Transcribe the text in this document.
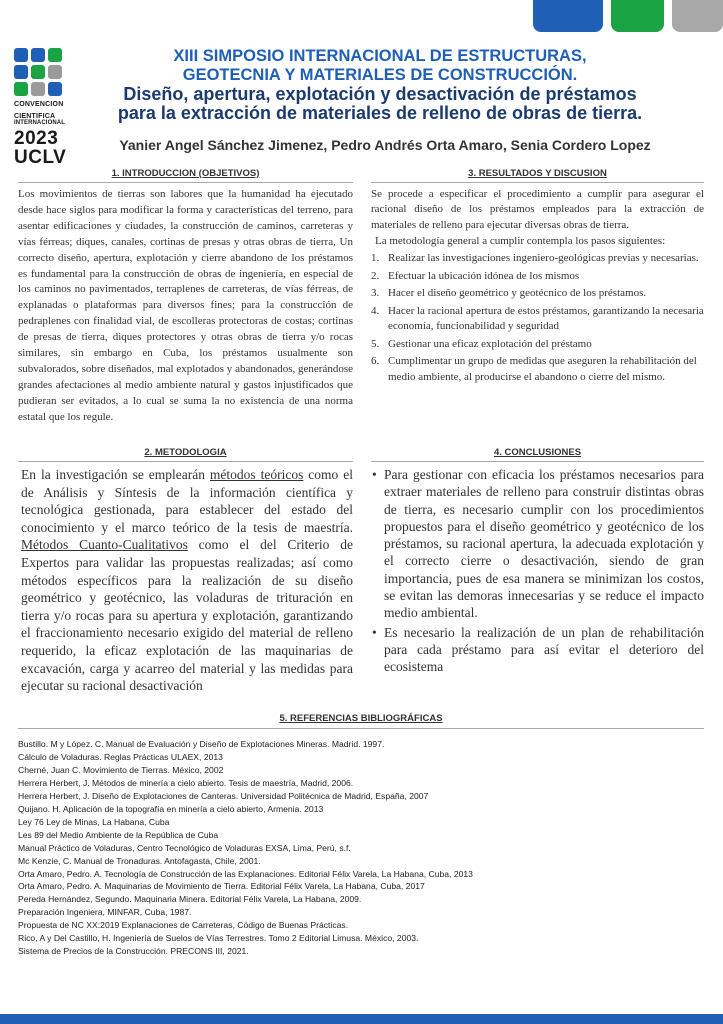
CONVENCION
CIENTIFICA
INTERNACIONAL
2023
UCLV
XIII SIMPOSIO INTERNACIONAL DE ESTRUCTURAS,
GEOTECNIA Y MATERIALES DE CONSTRUCCIÓN.
Diseño, apertura, explotación y desactivación de préstamos
para la extracción de materiales de relleno de obras de tierra.
Yanier Angel Sánchez Jimenez, Pedro Andrés Orta Amaro, Senia Cordero Lopez
1. INTRODUCCION (OBJETIVOS)
Los movimientos de tierras son labores que la humanidad ha ejecutado desde hace siglos para modificar la forma y características del terreno, para asentar edificaciones y ciudades, la construcción de caminos, carreteras y vías férreas; diques, canales, cortinas de presas y otras obras de tierra, Un correcto diseño, apertura, explotación y cierre abandono de los préstamos es fundamental para la construcción de obras de ingeniería, en especial de los caminos no pavimentados, terraplenes de carreteras, de vías férreas, de explanadas o plataformas para diversos fines; para la construcción de pedraplenes con finalidad vial, de escolleras protectoras de costas; cortinas de presas de tierra, diques protectores y otras obras de tierra y/o rocas similares, sin embargo en Cuba, los préstamos usualmente son subvalorados, sobre diseñados, mal explotados y abandonados, generándose grandes afectaciones al medio ambiente natural y gastos injustificados que pudieran ser evitados, a lo cual se suma la no existencia de una norma estatal que los regule.
3. RESULTADOS Y DISCUSION
Se procede a especificar el procedimiento a cumplir para asegurar el racional diseño de los préstamos empleados para la extracción de materiales de relleno para ejecutar diversas obras de tierra.
La metodología general a cumplir contempla los pasos siguientes:
1. Realizar las investigaciones ingeniero-geológicas previas y necesarias.
2. Efectuar la ubicación idónea de los mismos
3. Hacer el diseño geométrico y geotécnico de los préstamos.
4. Hacer la racional apertura de estos préstamos, garantizando la necesaria economía, funcionabilidad y seguridad
5. Gestionar una eficaz explotación del préstamo
6. Cumplimentar un grupo de medidas que aseguren la rehabilitación del medio ambiente, al producirse el abandono o cierre del mismo.
2. METODOLOGIA
En la investigación se emplearán métodos teóricos como el de Análisis y Síntesis de la información científica y tecnológica gestionada, para establecer del estado del conocimiento y el marco teórico de la tesis de maestría. Métodos Cuanto-Cualitativos como el del Criterio de Expertos para validar las propuestas realizadas; así como métodos específicos para la realización de su diseño geométrico y geotécnico, las voladuras de trituración en tierra y/o rocas para su apertura y explotación, garantizando el fraccionamiento necesario exigido del material de relleno requerido, la eficaz explotación de las maquinarias de excavación, carga y acarreo del material y las medidas para ejecutar su racional desactivación
4. CONCLUSIONES
• Para gestionar con eficacia los préstamos necesarios para extraer materiales de relleno para construir distintas obras de tierra, es necesario cumplir con los procedimientos propuestos para el diseño geométrico y geotécnico de los préstamos, su racional apertura, la adecuada explotación y el correcto cierre o desactivación, siendo de gran importancia, pues de esa manera se minimizan los costos, se evitan las demoras innecesarias y se reduce el impacto medio ambiental.
• Es necesario la realización de un plan de rehabilitación para cada préstamo para así evitar el deterioro del ecosistema
5. REFERENCIAS BIBLIOGRÁFICAS
Bustillo. M y López. C. Manual de Evaluación y Diseño de Explotaciones Mineras. Madrid. 1997.
Cálculo de Voladuras. Reglas Prácticas ULAEX, 2013
Cherné, Juan C. Movimiento de Tierras. México, 2002
Herrera Herbert, J. Métodos de minería a cielo abierto. Tesis de maestría, Madrid, 2006.
Herrera Herbert, J. Diseño de Explotaciones de Canteras. Universidad Politécnica de Madrid, España, 2007
Quijano. H. Aplicación de la topografía en minería a cielo abierto, Armenia. 2013
Ley 76 Ley de Minas, La Habana, Cuba
Les 89 del Medio Ambiente de la República de Cuba
Manual Práctico de Voladuras, Centro Tecnológico de Voladuras EXSA, Lima, Perú, s.f.
Mc Kenzie, C. Manual de Tronaduras. Antofagasta, Chile, 2001.
Orta Amaro, Pedro. A. Tecnología de Construcción de las Explanaciones. Editorial Félix Varela, La Habana, Cuba, 2013
Orta Amaro, Pedro. A. Maquinarias de Movimiento de Tierra. Editorial Félix Varela, La Habana, Cuba, 2017
Pereda Hernández, Segundo. Maquinaria Minera. Editorial Félix Varela, La Habana, 2009.
Preparación Ingeniera, MINFAR, Cuba, 1987.
Propuesta de NC XX:2019 Explanaciones de Carreteras, Código de Buenas Prácticas.
Rico, A y Del Castillo, H. Ingeniería de Suelos de Vías Terrestres. Tomo 2 Editorial Limusa. México, 2003.
Sistema de Precios de la Construcción. PRECONS III, 2021.
